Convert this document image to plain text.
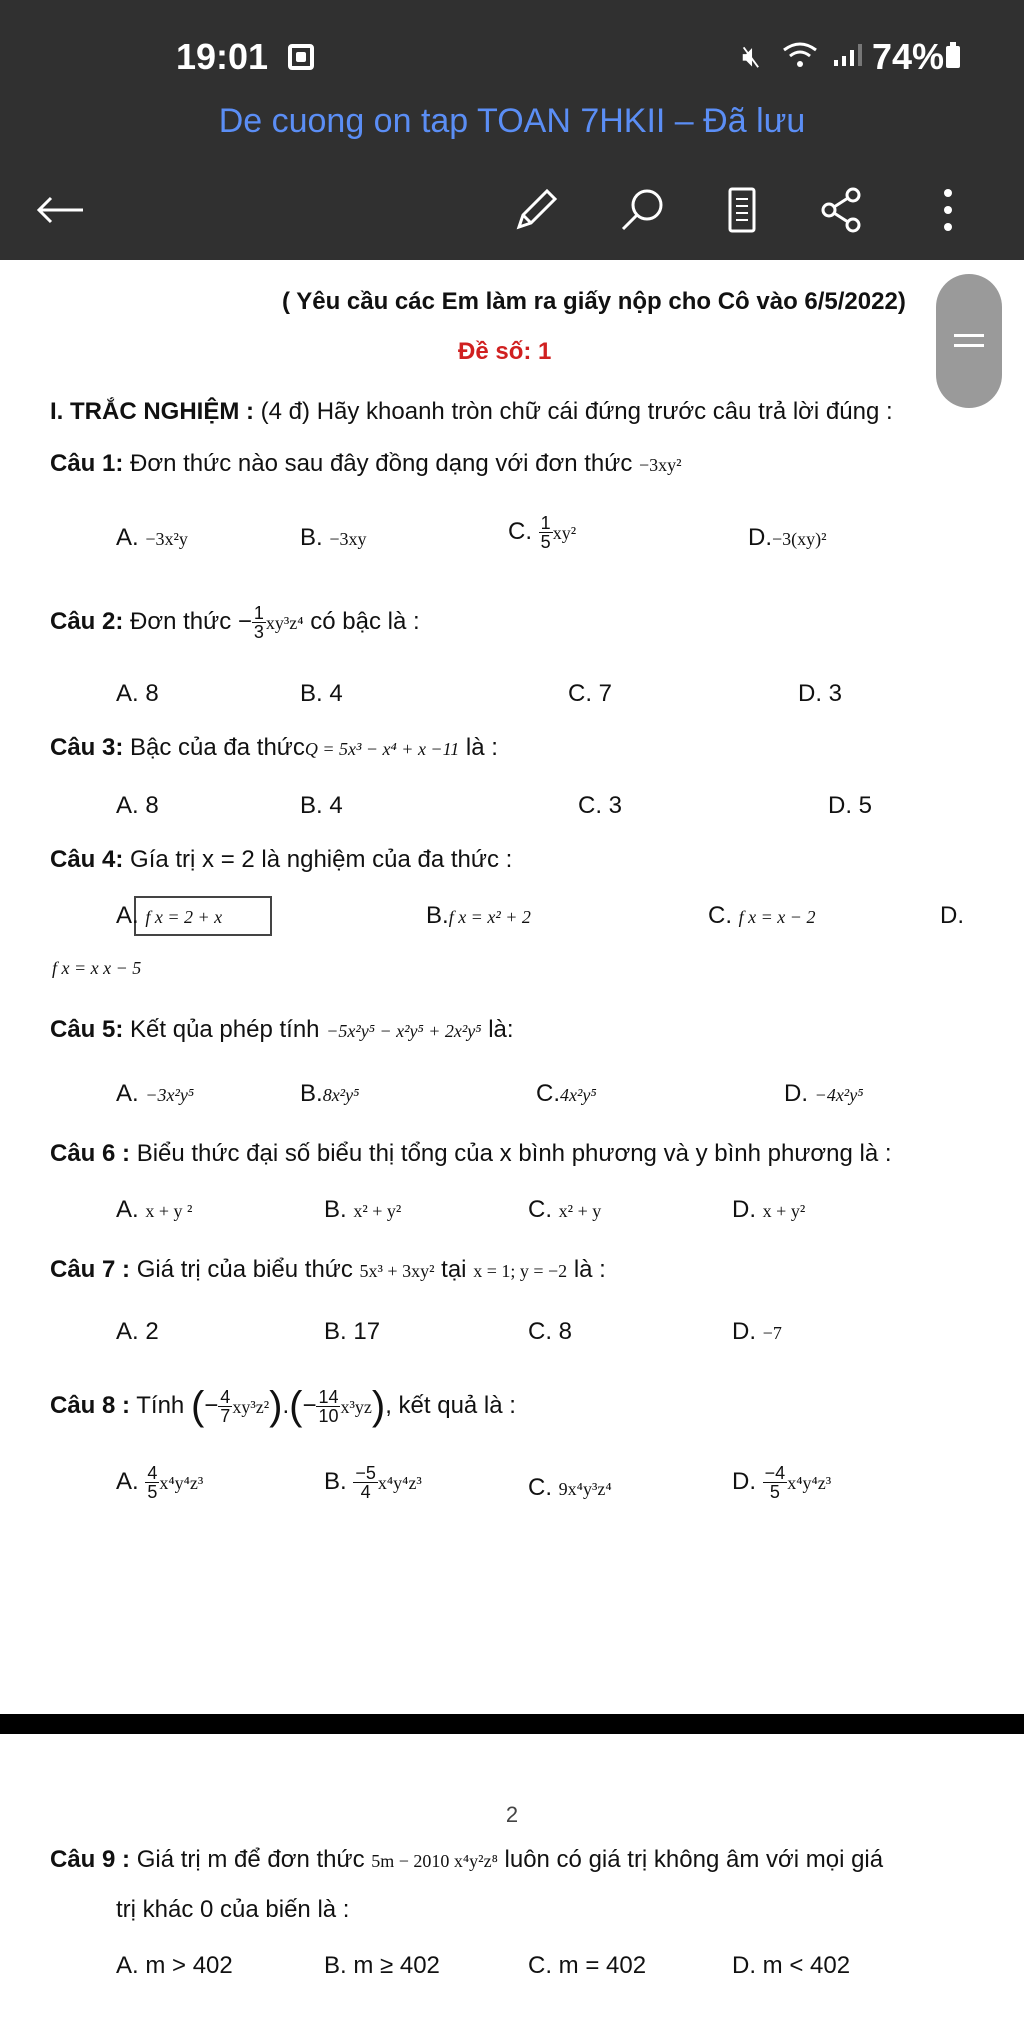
19:01	🔇︎	74%
De cuong on tap TOAN 7HKII – Đã lưu
( Yêu cầu các Em làm ra giấy nộp cho Cô vào 6/5/2022)
Đề số: 1
I. TRẮC NGHIỆM : (4 đ) Hãy khoanh tròn chữ cái đứng trước câu trả lời đúng :
Câu 1: Đơn thức nào sau đây đồng dạng với đơn thức −3xy²
A. −3x²y	B. −3xy	C. $\frac{1}{5} xy^2$	D.−3(xy)²
Câu 2: Đơn thức − $\frac{1}{3} xy^3z^4$ có bậc là :
A. 8	B. 4	C. 7	D. 3
Câu 3: Bậc của đa thứcQ = 5x³ − x⁴ + x −11 là :
A. 8	B. 4	C. 3	D. 5
Câu 4: Gía trị x = 2 là nghiệm của đa thức :
A. f x = 2 + x	B.f x = x² + 2	C. f x = x − 2	D.
f x = x x − 5
Câu 5: Kết qủa phép tính −5x²y⁵ − x²y⁵ + 2x²y⁵ là:
A. −3x²y⁵	B.8x²y⁵	C.4x²y⁵	D. −4x²y⁵
Câu 6 : Biểu thức đại số biểu thị tổng của x bình phương và y bình phương là :
A. x + y ²	B. x² + y²	C. x² + y	D. x + y²
Câu 7 : Giá trị của biểu thức 5x³ + 3xy² tại x = 1; y = −2 là :
A. 2	B. 17	C. 8	D. −7
Câu 8 : Tính (− $\frac{4}{7} xy^3z^2).(- \frac{14}{10} x^3yz)$, kết quả là :
A. $\frac{4}{5} x^4y^4z^3$	B. $\frac{-5}{4} x^4y^4z^3$	C. 9x⁴y³z⁴	D. $\frac{-4}{5} x^4y^4z^3$
2
Câu 9 : Giá trị m để đơn thức 5m − 2010 x⁴y²z⁸ luôn có giá trị không âm với mọi giá
trị khác 0 của biến là :
A. m > 402	B. m ≥ 402	C. m = 402	D. m < 402
